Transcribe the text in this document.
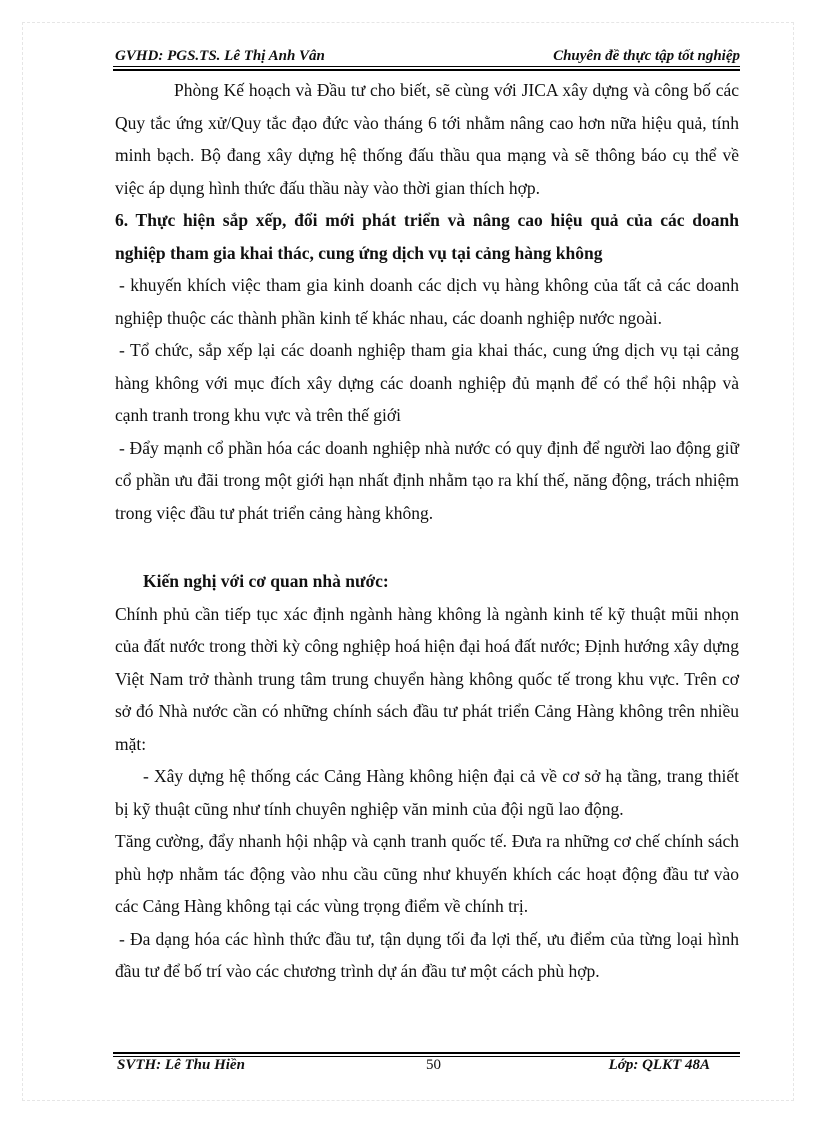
GVHD: PGS.TS. Lê Thị Anh Vân	Chuyên đề thực tập tốt nghiệp

Phòng Kế hoạch và Đầu tư cho biết, sẽ cùng với JICA xây dựng và công bố các Quy tắc ứng xử/Quy tắc đạo đức vào tháng 6 tới nhằm nâng cao hơn nữa hiệu quả, tính minh bạch. Bộ đang xây dựng hệ thống đấu thầu qua mạng và sẽ thông báo cụ thể về việc áp dụng hình thức đấu thầu này vào thời gian thích hợp.

6. Thực hiện sắp xếp, đổi mới phát triển và nâng cao hiệu quả của các doanh nghiệp tham gia khai thác, cung ứng dịch vụ tại cảng hàng không

- khuyến khích việc tham gia kinh doanh các dịch vụ hàng không của tất cả các doanh nghiệp thuộc các thành phần kinh tế khác nhau, các doanh nghiệp nước ngoài.

- Tổ chức, sắp xếp lại các doanh nghiệp tham gia khai thác, cung ứng dịch vụ tại cảng hàng không với mục đích xây dựng các doanh nghiệp đủ mạnh để có thể hội nhập và cạnh tranh trong khu vực và trên thế giới

- Đẩy mạnh cổ phần hóa các doanh nghiệp nhà nước có quy định để người lao động giữ cổ phần ưu đãi trong một giới hạn nhất định nhằm tạo ra khí thế, năng động, trách nhiệm trong việc đầu tư phát triển cảng hàng không.

Kiến nghị với cơ quan nhà nước:

Chính phủ cần tiếp tục xác định ngành hàng không là ngành kinh tế kỹ thuật mũi nhọn của đất nước trong thời kỳ công nghiệp hoá hiện đại hoá đất nước; Định hướng xây dựng Việt Nam trở thành trung tâm trung chuyển hàng không quốc tế trong khu vực. Trên cơ sở đó Nhà nước cần có những chính sách đầu tư phát triển Cảng Hàng không trên nhiều mặt:

- Xây dựng hệ thống các Cảng Hàng không hiện đại cả về cơ sở hạ tầng, trang thiết bị kỹ thuật cũng như tính chuyên nghiệp văn minh của đội ngũ lao động.

Tăng cường, đẩy nhanh hội nhập và cạnh tranh quốc tế. Đưa ra những cơ chế chính sách phù hợp nhằm tác động vào nhu cầu cũng như khuyến khích các hoạt động đầu tư vào các Cảng Hàng không tại các vùng trọng điểm về chính trị.

- Đa dạng hóa các hình thức đầu tư, tận dụng tối đa lợi thế, ưu điểm của từng loại hình đầu tư để bố trí vào các chương trình dự án đầu tư một cách phù hợp.

SVTH: Lê Thu Hiền	50	Lớp: QLKT 48A
